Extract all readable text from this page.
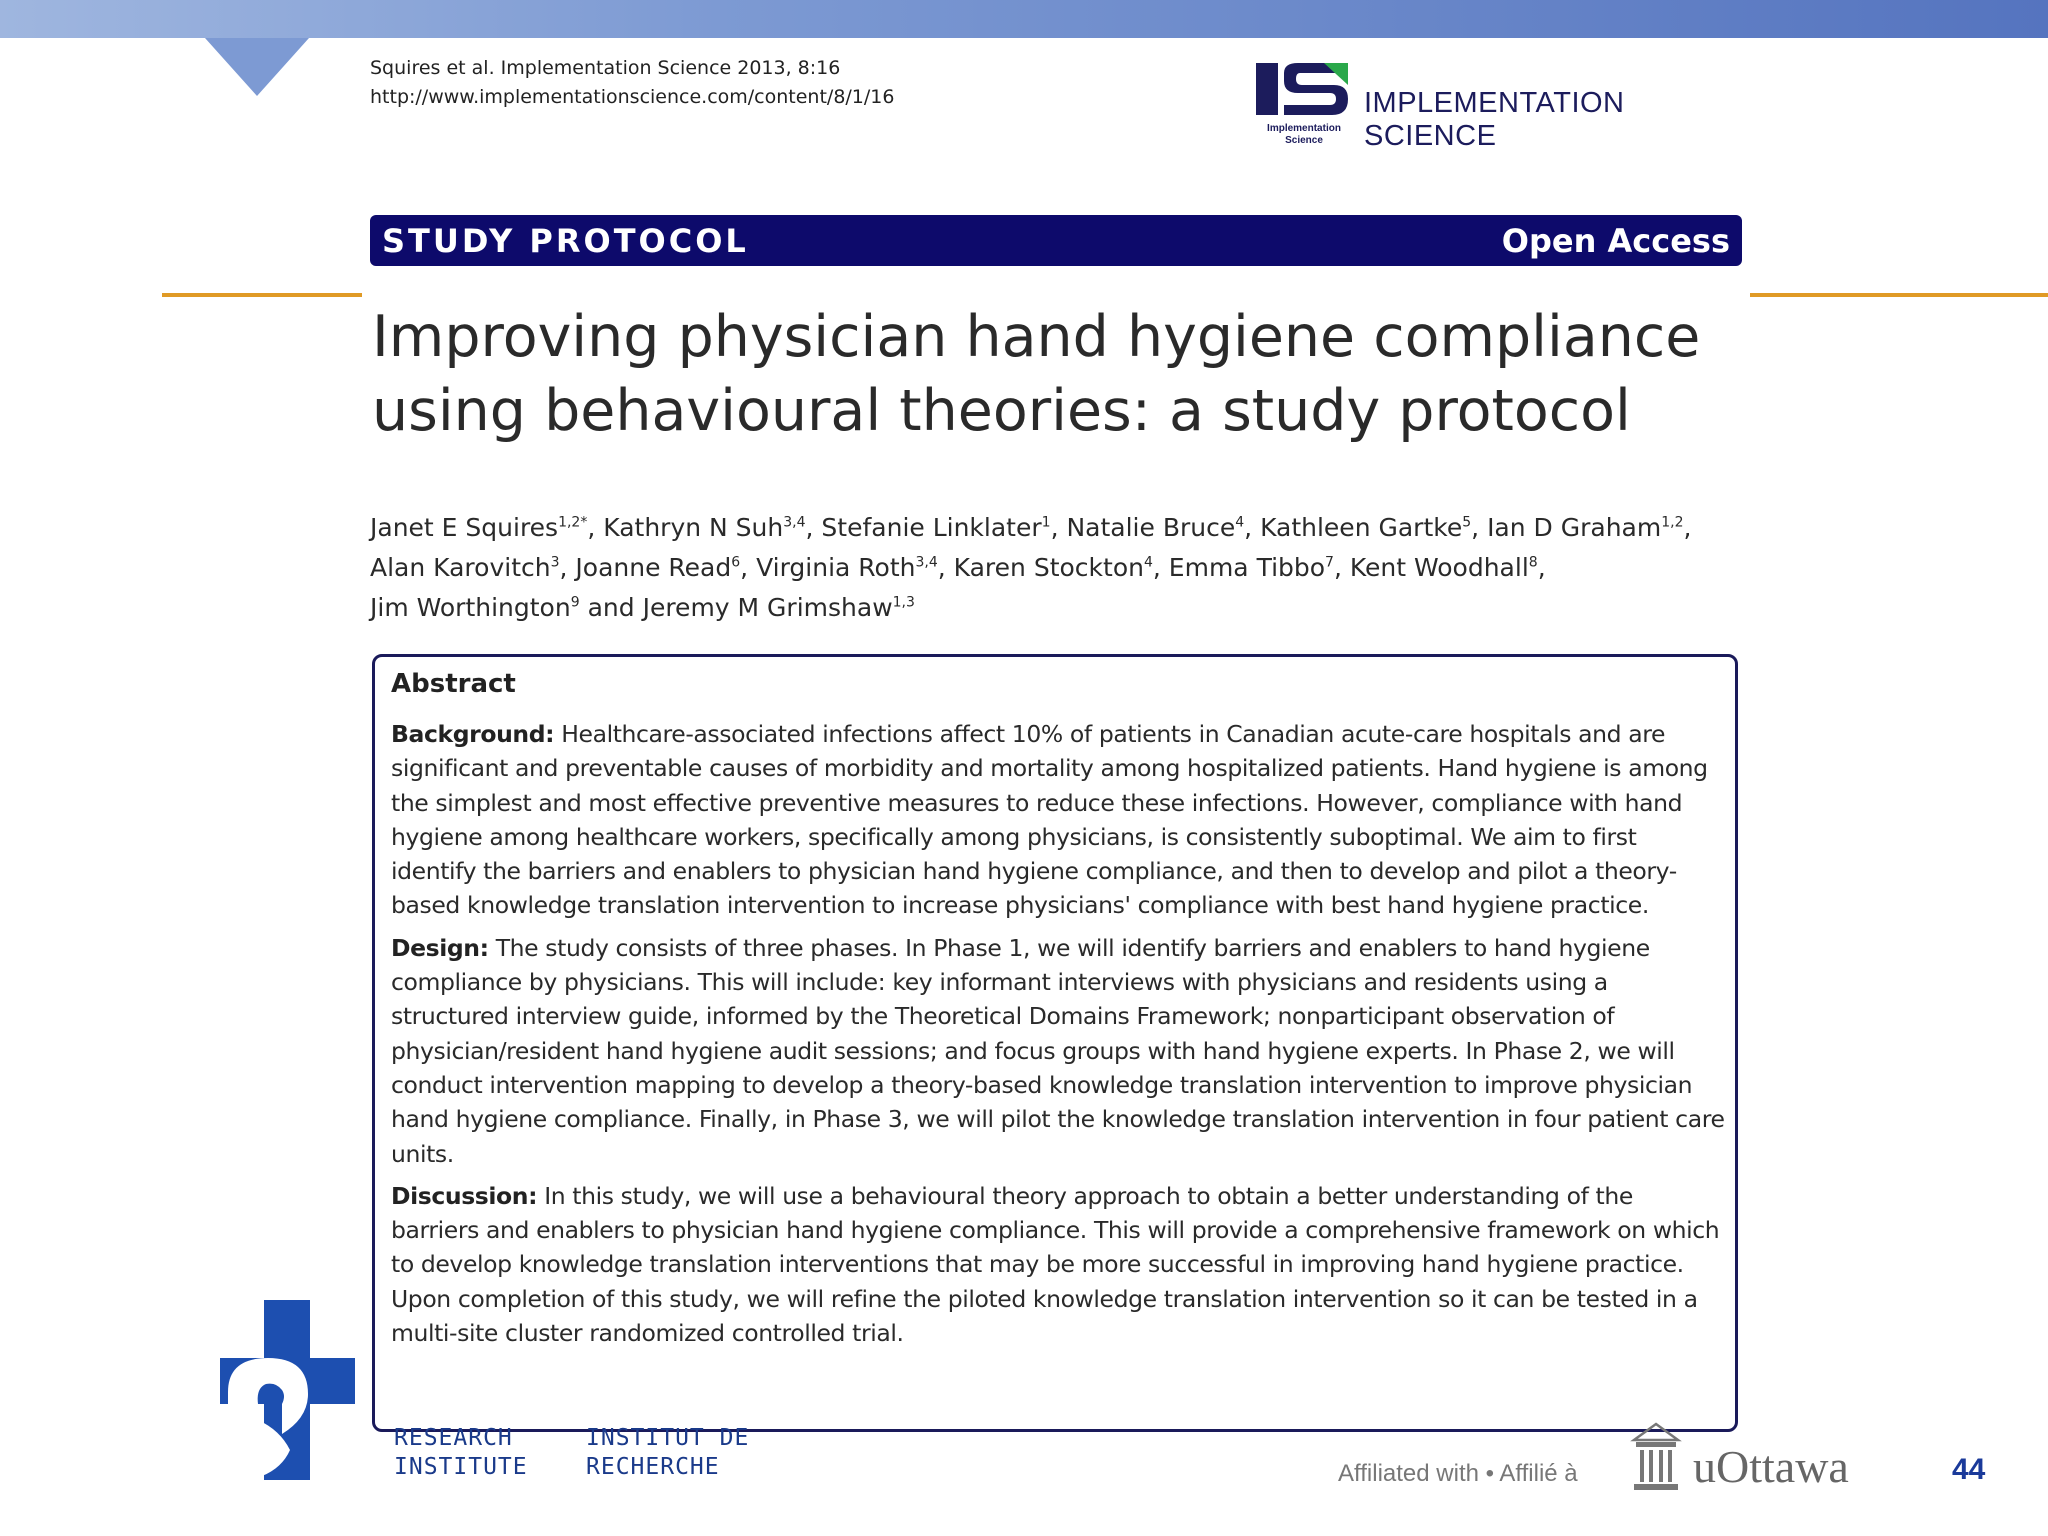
Squires et al. Implementation Science 2013, 8:16
http://www.implementationscience.com/content/8/1/16
Implementation
Science
IMPLEMENTATION SCIENCE
STUDY PROTOCOL	Open Access
Improving physician hand hygiene compliance
using behavioural theories: a study protocol
Janet E Squires$^{1,2*}$, Kathryn N Suh$^{3,4}$, Stefanie Linklater$^1$, Natalie Bruce$^4$, Kathleen Gartke$^5$, Ian D Graham$^{1,2}$,
Alan Karovitch$^3$, Joanne Read$^6$, Virginia Roth$^{3,4}$, Karen Stockton$^4$, Emma Tibbo$^7$, Kent Woodhall$^8$,
Jim Worthington$^9$ and Jeremy M Grimshaw$^{1,3}$
Abstract

Background: Healthcare-associated infections affect 10% of patients in Canadian acute-care hospitals and are significant and preventable causes of morbidity and mortality among hospitalized patients. Hand hygiene is among the simplest and most effective preventive measures to reduce these infections. However, compliance with hand hygiene among healthcare workers, specifically among physicians, is consistently suboptimal. We aim to first identify the barriers and enablers to physician hand hygiene compliance, and then to develop and pilot a theory-based knowledge translation intervention to increase physicians' compliance with best hand hygiene practice.

Design: The study consists of three phases. In Phase 1, we will identify barriers and enablers to hand hygiene compliance by physicians. This will include: key informant interviews with physicians and residents using a structured interview guide, informed by the Theoretical Domains Framework; nonparticipant observation of physician/resident hand hygiene audit sessions; and focus groups with hand hygiene experts. In Phase 2, we will conduct intervention mapping to develop a theory-based knowledge translation intervention to improve physician hand hygiene compliance. Finally, in Phase 3, we will pilot the knowledge translation intervention in four patient care units.

Discussion: In this study, we will use a behavioural theory approach to obtain a better understanding of the barriers and enablers to physician hand hygiene compliance. This will provide a comprehensive framework on which to develop knowledge translation interventions that may be more successful in improving hand hygiene practice. Upon completion of this study, we will refine the piloted knowledge translation intervention so it can be tested in a multi-site cluster randomized controlled trial.

RESEARCH
INSTITUTE
INSTITUT DE
RECHERCHE	Affiliated with • Affilié à	uOttawa	44
